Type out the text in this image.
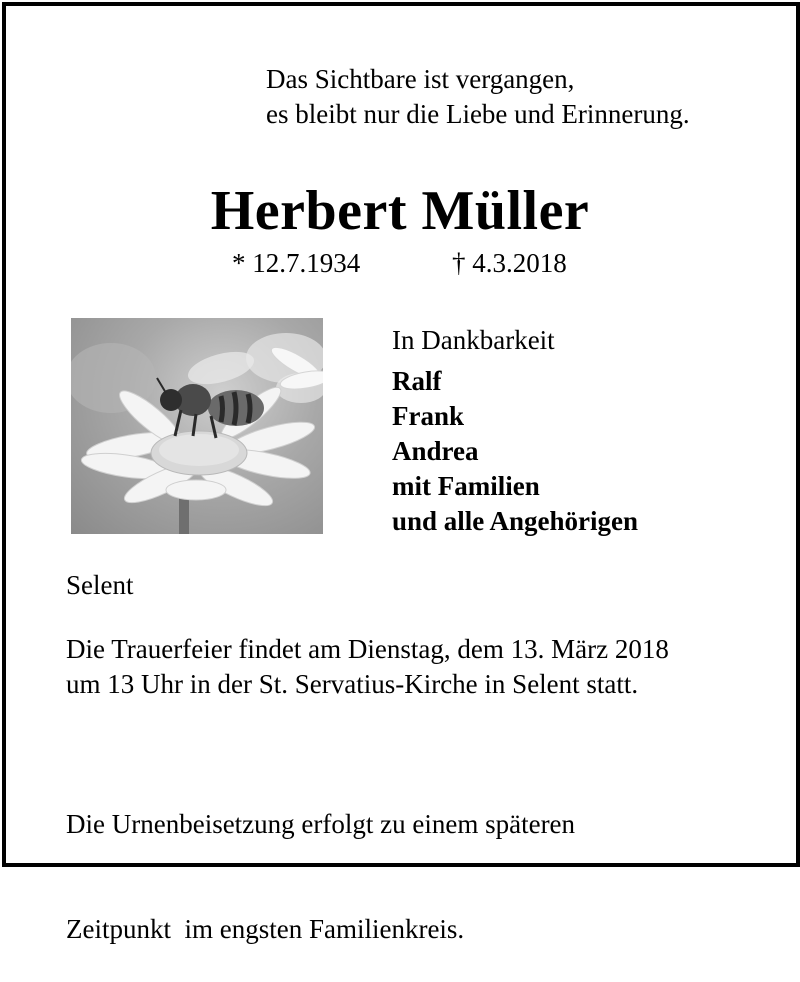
Das Sichtbare ist vergangen,
es bleibt nur die Liebe und Erinnerung.
Herbert Müller
* 12.7.1934	† 4.3.2018
In Dankbarkeit
Ralf
Frank
Andrea
mit Familien
und alle Angehörigen
Selent
Die Trauerfeier findet am Dienstag, dem 13. März 2018
um 13 Uhr in der St. Servatius-Kirche in Selent statt.

Die Urnenbeisetzung erfolgt zu einem späteren

Zeitpunkt  im engsten Familienkreis.
